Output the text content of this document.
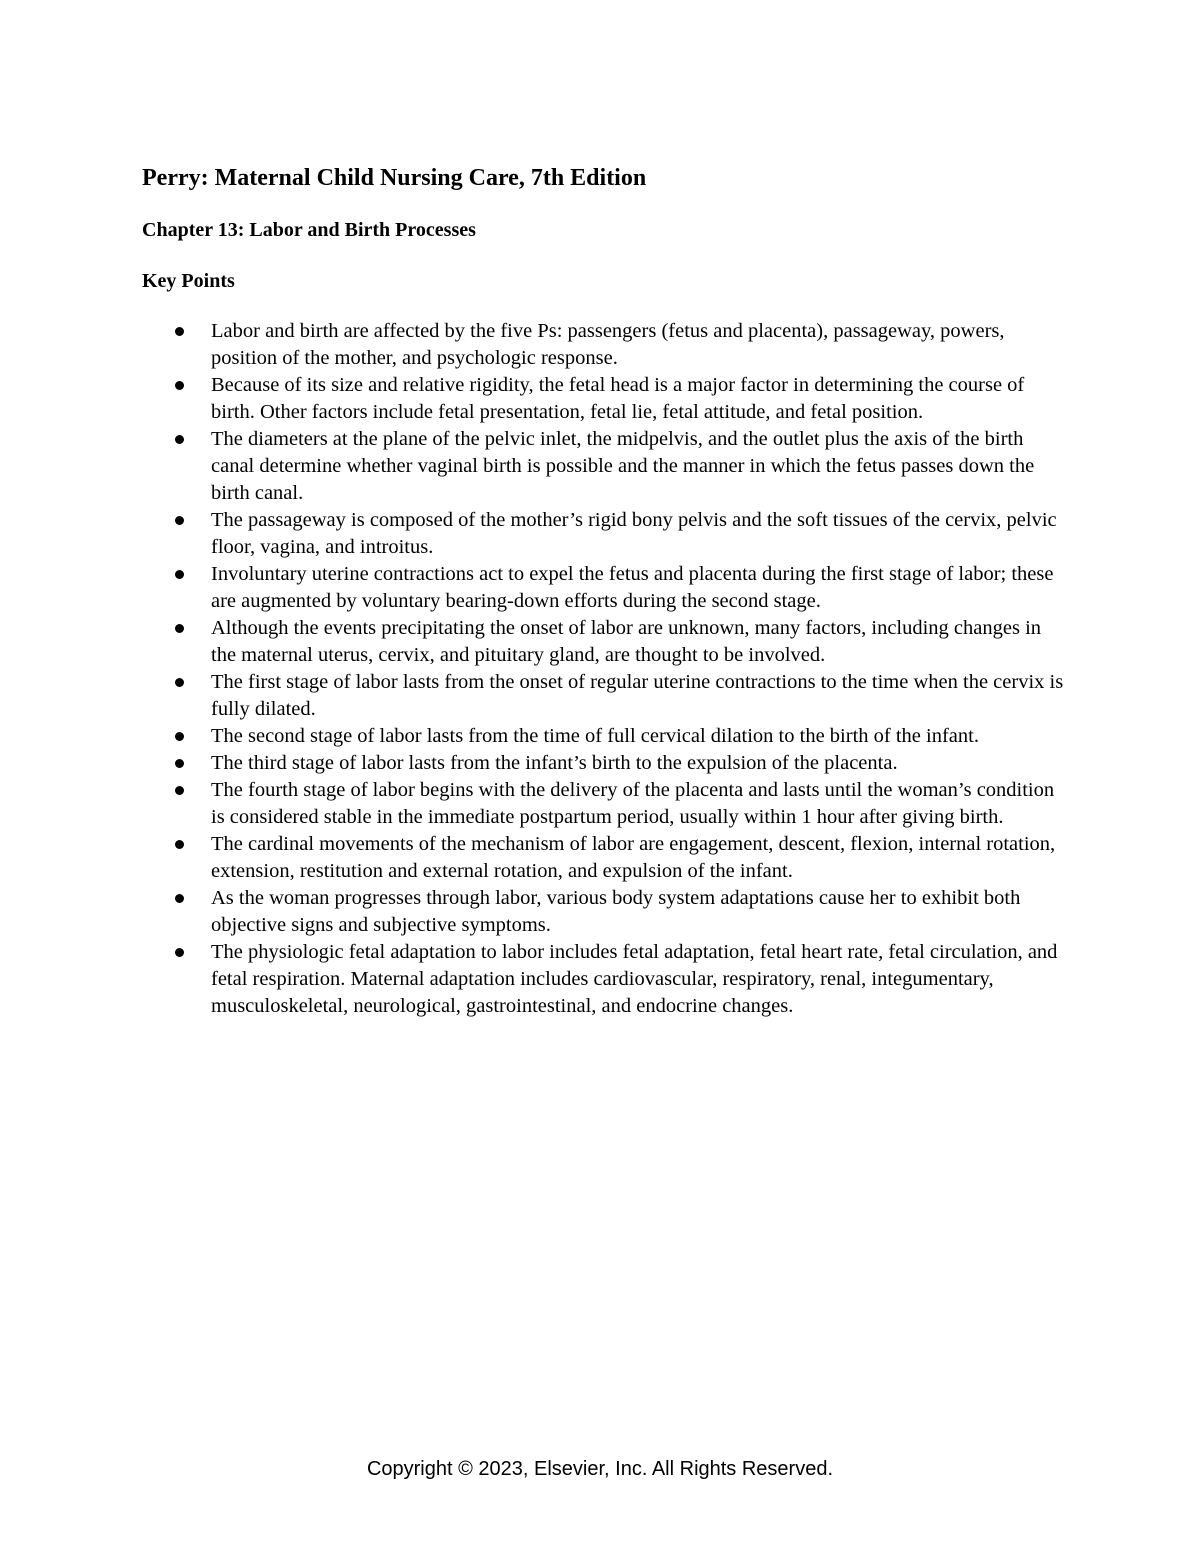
Perry: Maternal Child Nursing Care, 7th Edition
Chapter 13: Labor and Birth Processes
Key Points
Labor and birth are affected by the five Ps: passengers (fetus and placenta), passageway, powers, position of the mother, and psychologic response.
Because of its size and relative rigidity, the fetal head is a major factor in determining the course of birth. Other factors include fetal presentation, fetal lie, fetal attitude, and fetal position.
The diameters at the plane of the pelvic inlet, the midpelvis, and the outlet plus the axis of the birth canal determine whether vaginal birth is possible and the manner in which the fetus passes down the birth canal.
The passageway is composed of the mother’s rigid bony pelvis and the soft tissues of the cervix, pelvic floor, vagina, and introitus.
Involuntary uterine contractions act to expel the fetus and placenta during the first stage of labor; these are augmented by voluntary bearing-down efforts during the second stage.
Although the events precipitating the onset of labor are unknown, many factors, including changes in the maternal uterus, cervix, and pituitary gland, are thought to be involved.
The first stage of labor lasts from the onset of regular uterine contractions to the time when the cervix is fully dilated.
The second stage of labor lasts from the time of full cervical dilation to the birth of the infant.
The third stage of labor lasts from the infant’s birth to the expulsion of the placenta.
The fourth stage of labor begins with the delivery of the placenta and lasts until the woman’s condition is considered stable in the immediate postpartum period, usually within 1 hour after giving birth.
The cardinal movements of the mechanism of labor are engagement, descent, flexion, internal rotation, extension, restitution and external rotation, and expulsion of the infant.
As the woman progresses through labor, various body system adaptations cause her to exhibit both objective signs and subjective symptoms.
The physiologic fetal adaptation to labor includes fetal adaptation, fetal heart rate, fetal circulation, and fetal respiration. Maternal adaptation includes cardiovascular, respiratory, renal, integumentary, musculoskeletal, neurological, gastrointestinal, and endocrine changes.

Copyright © 2023, Elsevier, Inc. All Rights Reserved.
